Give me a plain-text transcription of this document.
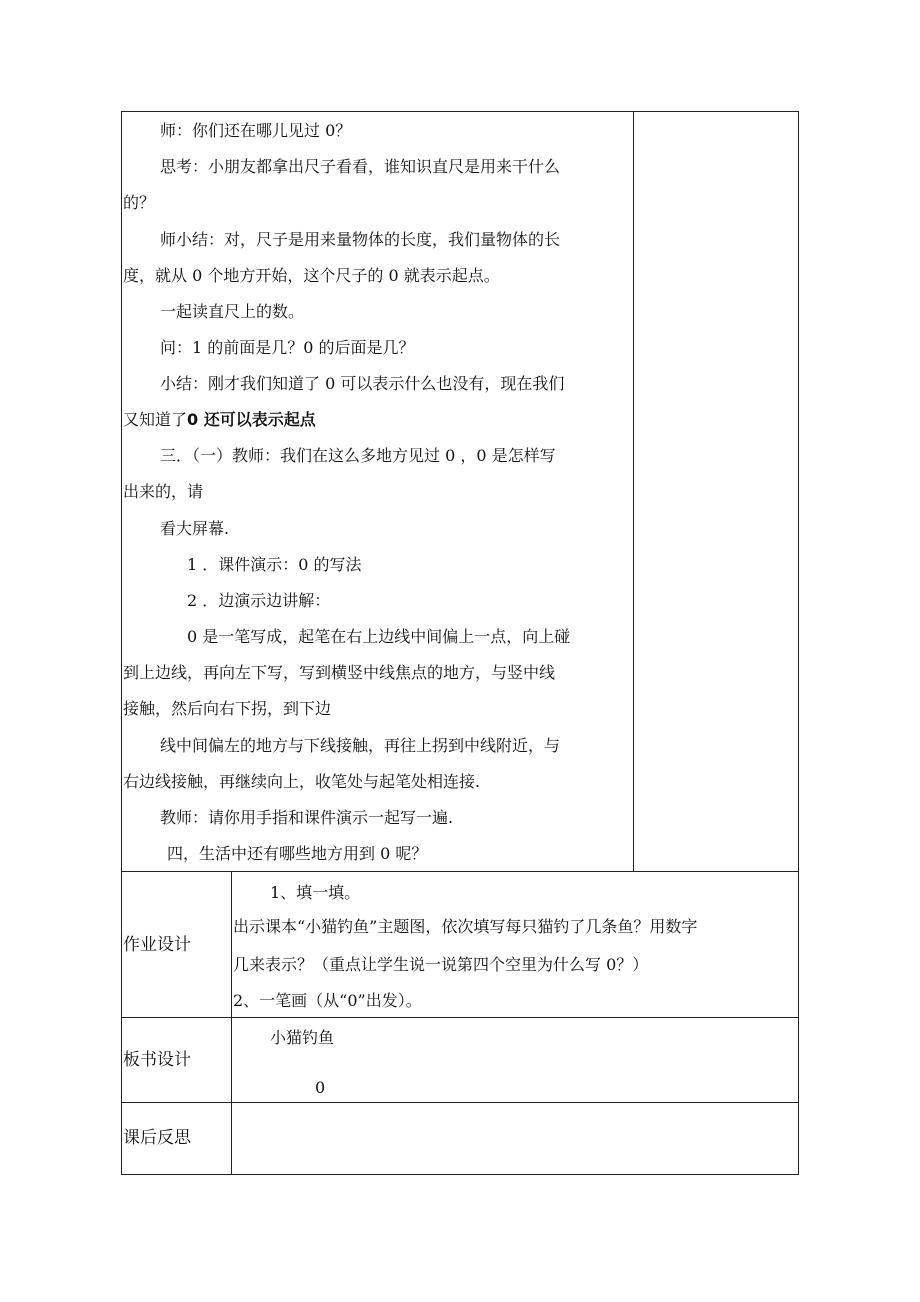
师：你们还在哪儿见过 0？
思考：小朋友都拿出尺子看看，谁知识直尺是用来干什么
的？
师小结：对，尺子是用来量物体的长度，我们量物体的长
度，就从 0 个地方开始，这个尺子的 0 就表示起点。
一起读直尺上的数。
问：1 的前面是几？0 的后面是几？
小结：刚才我们知道了 0 可以表示什么也没有，现在我们
又知道了0 还可以表示起点
三．（一）教师：我们在这么多地方见过 0 ，0 是怎样写
出来的，请
看大屏幕.
1 ．课件演示：0 的写法
2 ．边演示边讲解：
0 是一笔写成，起笔在右上边线中间偏上一点，向上碰
到上边线，再向左下写，写到横竖中线焦点的地方，与竖中线
接触，然后向右下拐，到下边
线中间偏左的地方与下线接触，再往上拐到中线附近，与
右边线接触，再继续向上，收笔处与起笔处相连接.
教师：请你用手指和课件演示一起写一遍.
四，生活中还有哪些地方用到 0 呢？
作业设计
1、填一填。
出示课本“小猫钓鱼”主题图，依次填写每只猫钓了几条鱼？用数字
几来表示？（重点让学生说一说第四个空里为什么写 0？）
2、一笔画（从“0”出发）。
板书设计
小猫钓鱼
0
课后反思
